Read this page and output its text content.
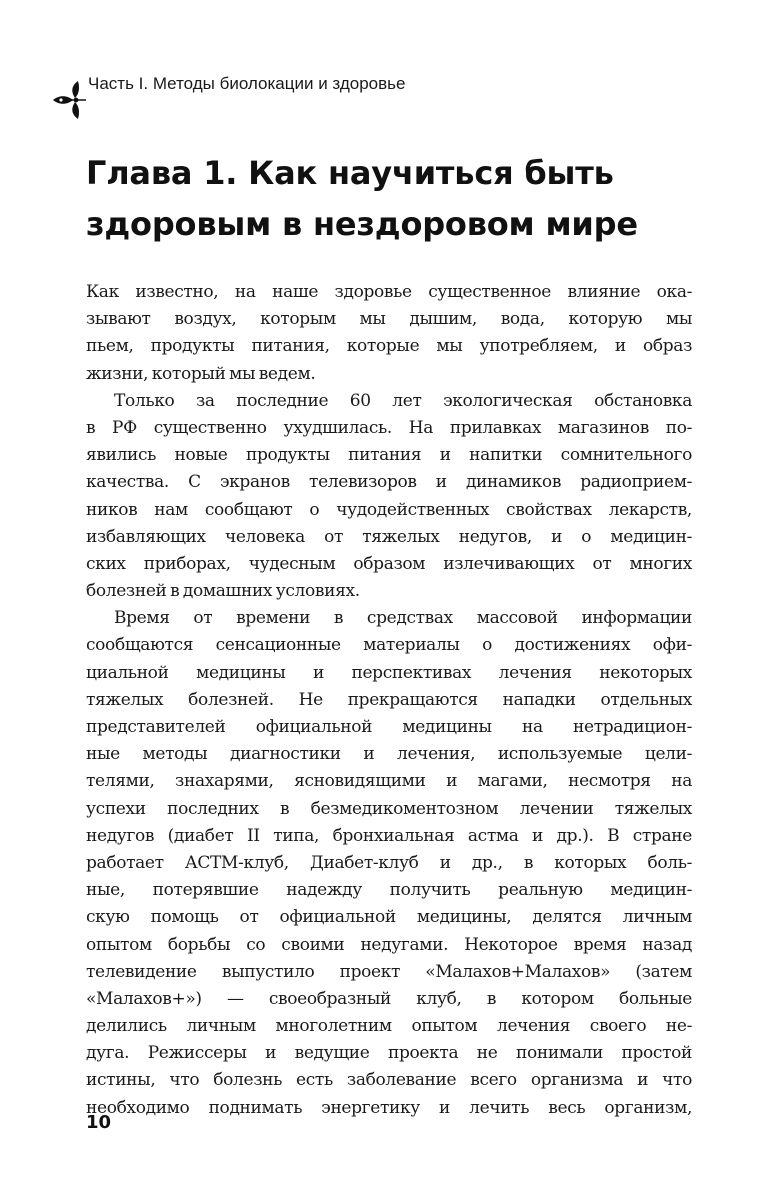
Часть I. Методы биолокации и здоровье
Глава 1. Как научиться быть
здоровым в нездоровом мире
Как известно, на наше здоровье существенное влияние ока-
зывают воздух, которым мы дышим, вода, которую мы
пьем, продукты питания, которые мы употребляем, и образ
жизни, который мы ведем.
Только за последние 60 лет экологическая обстановка
в РФ существенно ухудшилась. На прилавках магазинов по-
явились новые продукты питания и напитки сомнительного
качества. С экранов телевизоров и динамиков радиоприем-
ников нам сообщают о чудодейственных свойствах лекарств,
избавляющих человека от тяжелых недугов, и о медицин-
ских приборах, чудесным образом излечивающих от многих
болезней в домашних условиях.
Время от времени в средствах массовой информации
сообщаются сенсационные материалы о достижениях офи-
циальной медицины и перспективах лечения некоторых
тяжелых болезней. Не прекращаются нападки отдельных
представителей официальной медицины на нетрадицион-
ные методы диагностики и лечения, используемые цели-
телями, знахарями, ясновидящими и магами, несмотря на
успехи последних в безмедикоментозном лечении тяжелых
недугов (диабет II типа, бронхиальная астма и др.). В стране
работает АСТМ-клуб, Диабет-клуб и др., в которых боль-
ные, потерявшие надежду получить реальную медицин-
скую помощь от официальной медицины, делятся личным
опытом борьбы со своими недугами. Некоторое время назад
телевидение выпустило проект «Малахов+Малахов» (затем
«Малахов+») — своеобразный клуб, в котором больные
делились личным многолетним опытом лечения своего не-
дуга. Режиссеры и ведущие проекта не понимали простой
истины, что болезнь есть заболевание всего организма и что
необходимо поднимать энергетику и лечить весь организм,
10
